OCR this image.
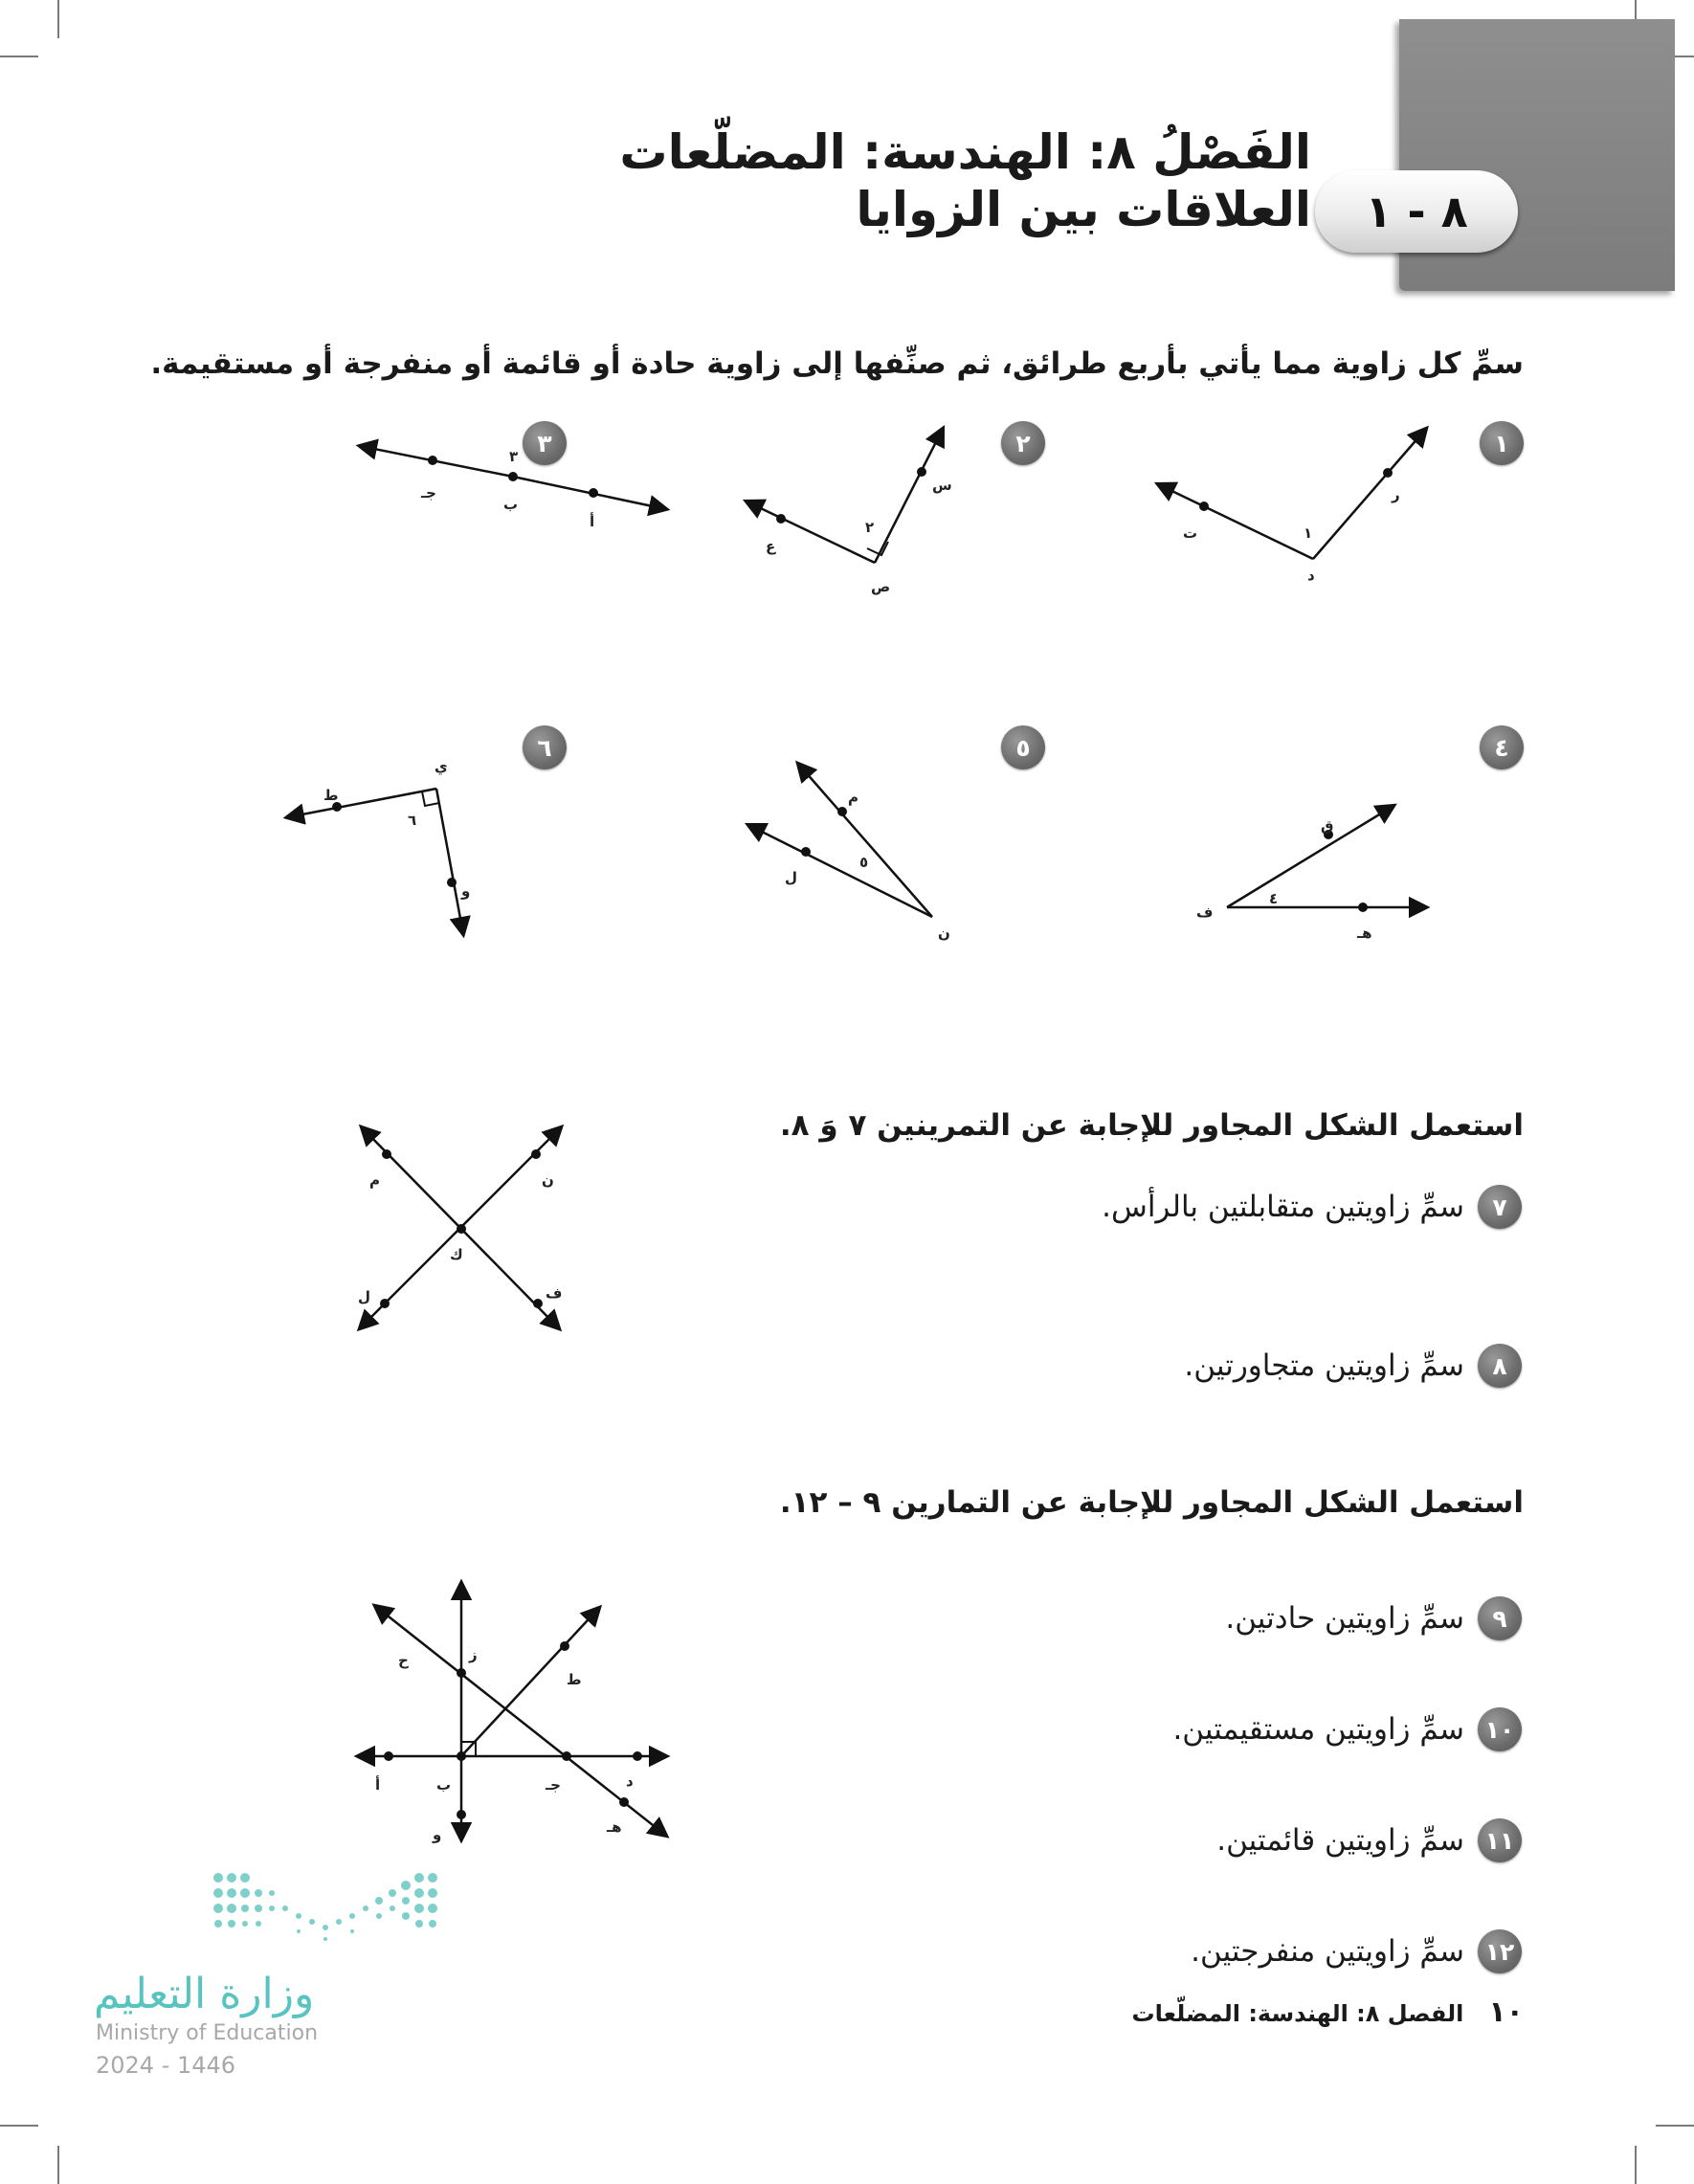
٨ - ١
الفَصْلُ ٨: الهندسة: المضلّعات
العلاقات بين الزوايا
سمِّ كل زاوية مما يأتي بأربع طرائق، ثم صنِّفها إلى زاوية حادة أو قائمة أو منفرجة أو مستقيمة.
١
٢
٣
٤
٥
٦
ر
ت
د
١
س
ع
ص
٢
أ
ب
جـ
٣
ق
ف
هـ
٤
م
ل
ن
٥
ي
ط
و
٦
استعمل الشكل المجاور للإجابة عن التمرينين ٧ وَ ٨.
٧
سمِّ زاويتين متقابلتين بالرأس.
٨
سمِّ زاويتين متجاورتين.
م	ن
ك
ل	ف
استعمل الشكل المجاور للإجابة عن التمارين ٩ – ١٢.
٩
سمِّ زاويتين حادتين.
١٠
سمِّ زاويتين مستقيمتين.
١١
سمِّ زاويتين قائمتين.
١٢
سمِّ زاويتين منفرجتين.
ح	ز
ط
أ	ب	جـ	د
و	هـ
وزارة التعليم
Ministry of Education
2024 - 1446
١٠
الفصل ٨: الهندسة: المضلّعات
